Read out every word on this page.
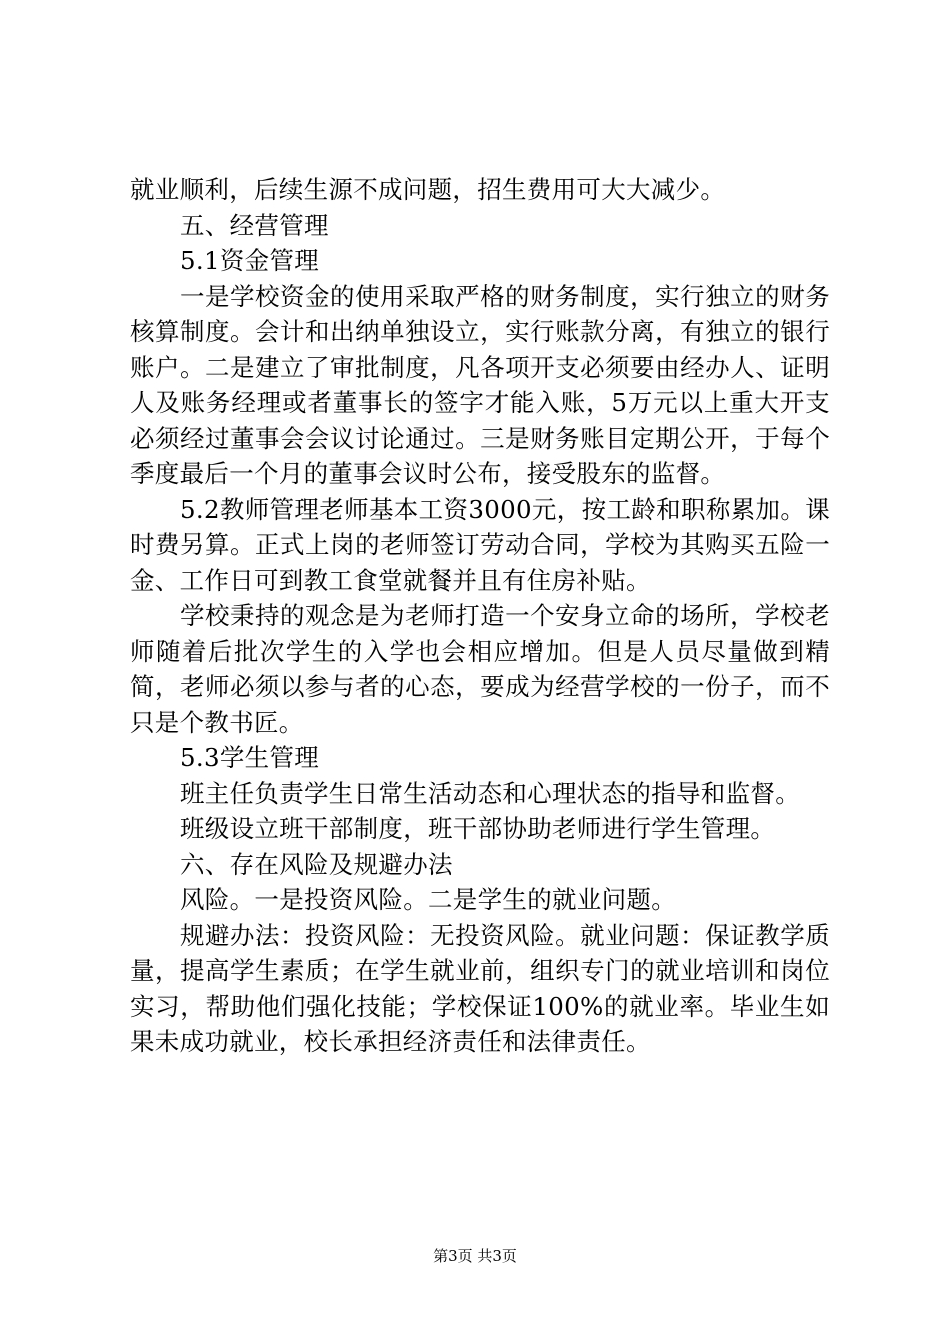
就业顺利，后续生源不成问题，招生费用可大大减少。

五、经营管理

5.1资金管理

一是学校资金的使用采取严格的财务制度，实行独立的财务核算制度。会计和出纳单独设立，实行账款分离，有独立的银行账户。二是建立了审批制度，凡各项开支必须要由经办人、证明人及账务经理或者董事长的签字才能入账，5万元以上重大开支必须经过董事会会议讨论通过。三是财务账目定期公开，于每个季度最后一个月的董事会议时公布，接受股东的监督。

5.2教师管理老师基本工资3000元，按工龄和职称累加。课时费另算。正式上岗的老师签订劳动合同，学校为其购买五险一金、工作日可到教工食堂就餐并且有住房补贴。

学校秉持的观念是为老师打造一个安身立命的场所，学校老师随着后批次学生的入学也会相应增加。但是人员尽量做到精简，老师必须以参与者的心态，要成为经营学校的一份子，而不只是个教书匠。

5.3学生管理

班主任负责学生日常生活动态和心理状态的指导和监督。

班级设立班干部制度，班干部协助老师进行学生管理。

六、存在风险及规避办法

风险。一是投资风险。二是学生的就业问题。

规避办法：投资风险：无投资风险。就业问题：保证教学质量，提高学生素质；在学生就业前，组织专门的就业培训和岗位实习，帮助他们强化技能；学校保证100%的就业率。毕业生如果未成功就业，校长承担经济责任和法律责任。

第3页 共3页
